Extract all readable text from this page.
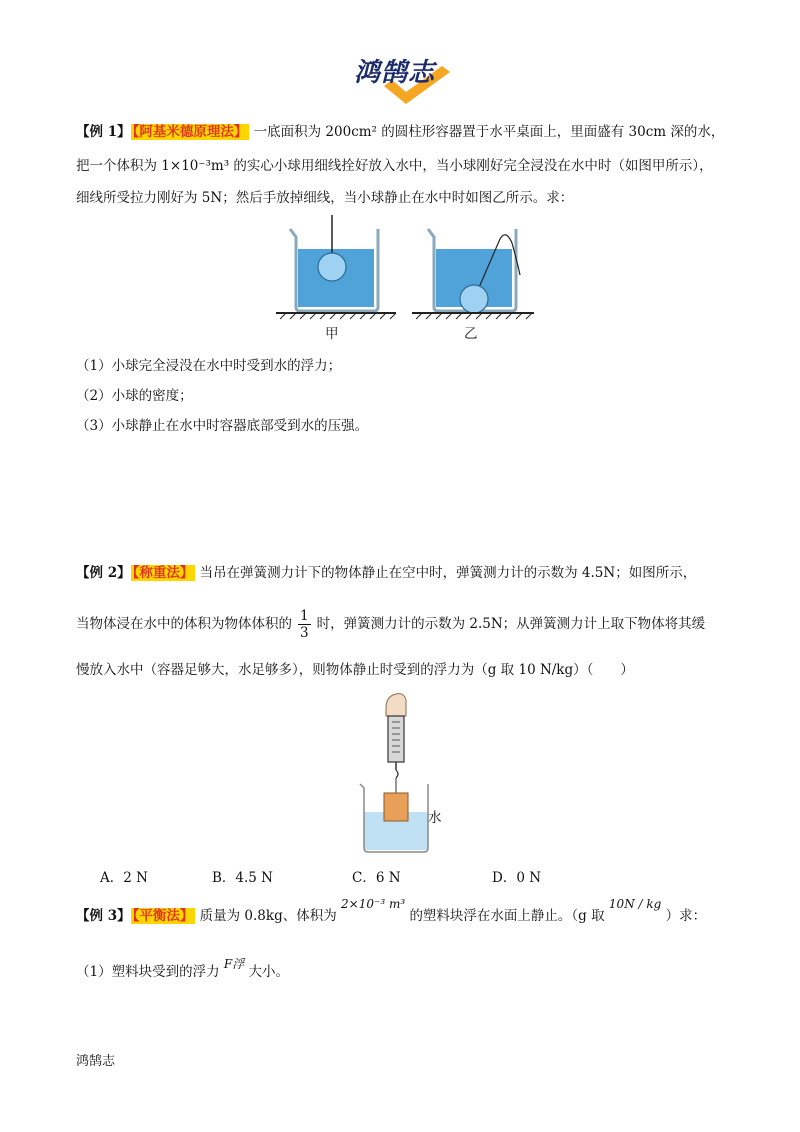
鸿鹄志
【例 1】 【阿基米德原理法】 一底面积为 200cm² 的圆柱形容器置于水平桌面上，里面盛有 30cm 深的水，
把一个体积为 1×10⁻³m³ 的实心小球用细线拴好放入水中，当小球刚好完全浸没在水中时（如图甲所示），
细线所受拉力刚好为 5N；然后手放掉细线，当小球静止在水中时如图乙所示。求：
甲	乙
（1）小球完全浸没在水中时受到水的浮力；
（2）小球的密度；
（3）小球静止在水中时容器底部受到水的压强。
【例 2】 【称重法】 当吊在弹簧测力计下的物体静止在空中时，弹簧测力计的示数为 4.5N；如图所示，
当物体浸在水中的体积为物体体积的 $\frac{1}{3}$ 时，弹簧测力计的示数为 2.5N；从弹簧测力计上取下物体将其缓
慢放入水中（容器足够大，水足够多），则物体静止时受到的浮力为（g 取 10 N/kg）（　　）
水
A．2 N	B．4.5 N	C．6 N	D．0 N
【例 3】 【平衡法】 质量为 0.8kg、体积为 2×10⁻³ m³ 的塑料块浮在水面上静止。（g 取 10N / kg ）求：
（1）塑料块受到的浮力 F浮 大小。
鸿鹄志
